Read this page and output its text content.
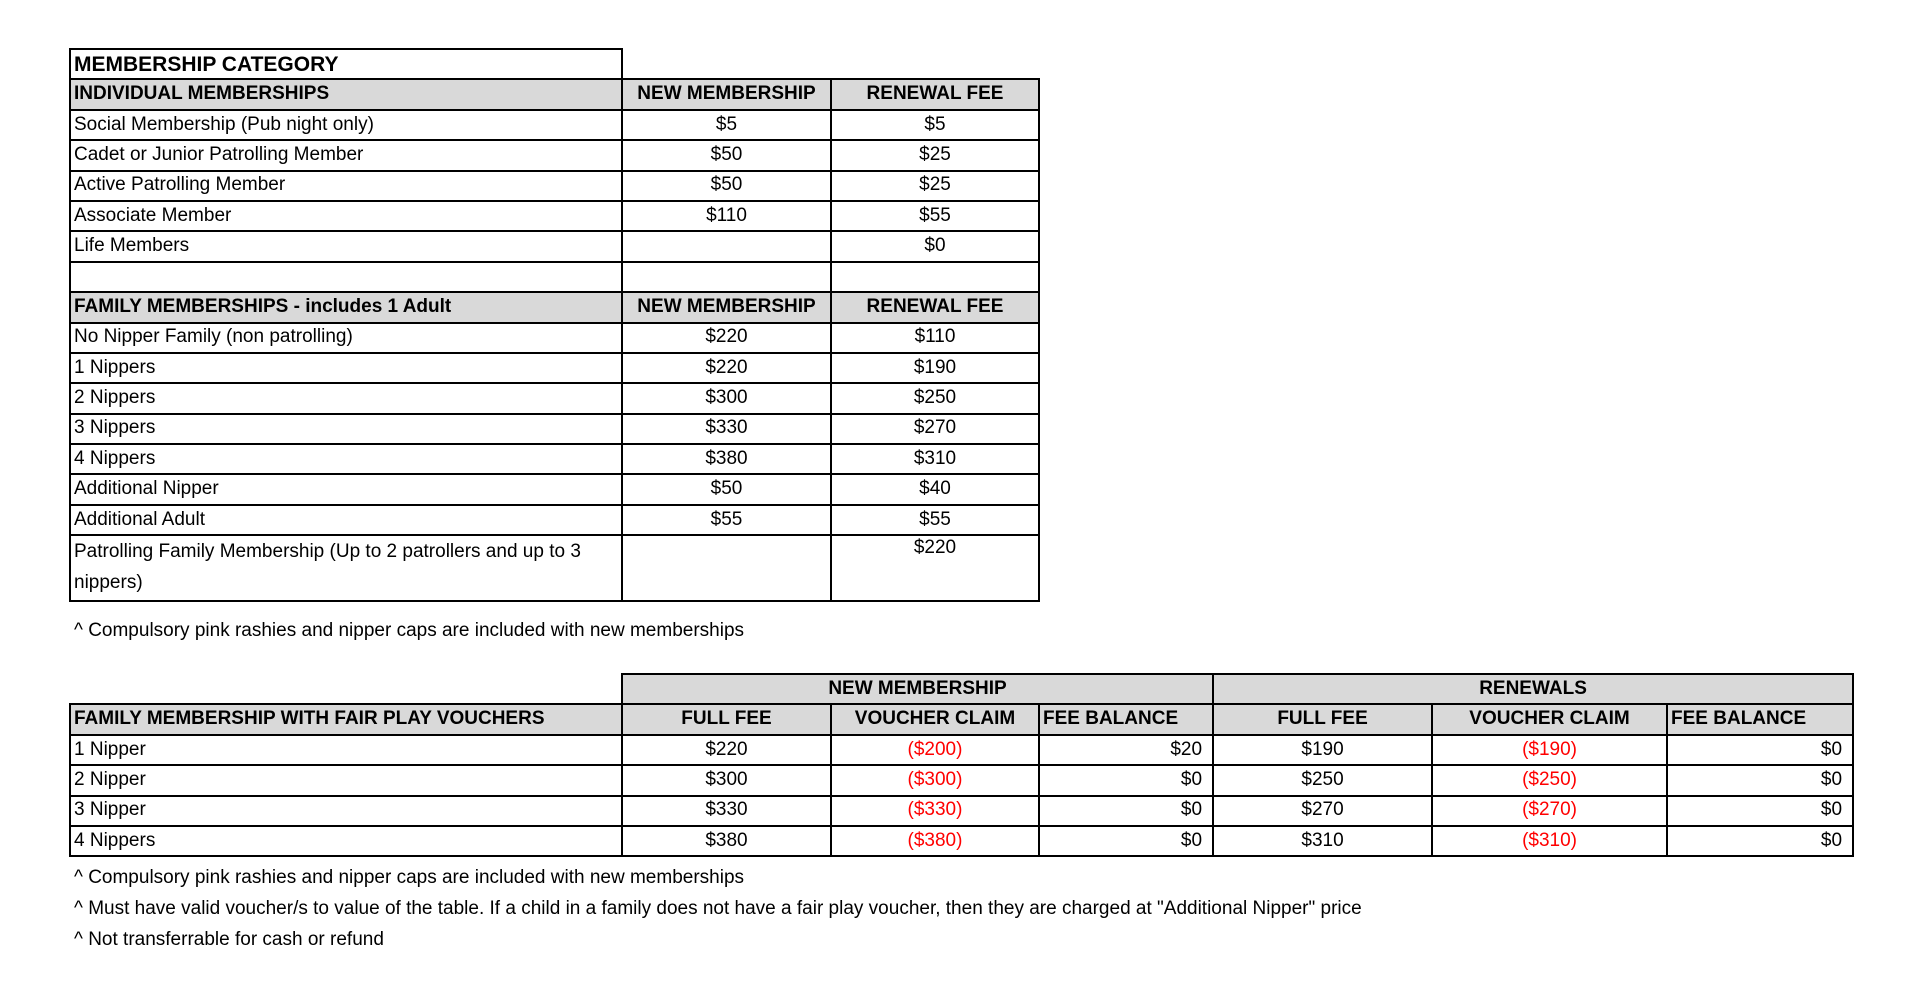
MEMBERSHIP CATEGORY		
INDIVIDUAL MEMBERSHIPS	NEW MEMBERSHIP	RENEWAL FEE
Social Membership (Pub night only)	$5	$5
Cadet or Junior Patrolling Member	$50	$25
Active Patrolling Member	$50	$25
Associate Member	$110	$55
Life Members		$0

FAMILY MEMBERSHIPS - includes 1 Adult	NEW MEMBERSHIP	RENEWAL FEE
No Nipper Family (non patrolling)	$220	$110
1 Nippers	$220	$190
2 Nippers	$300	$250
3 Nippers	$330	$270
4 Nippers	$380	$310
Additional Nipper	$50	$40
Additional Adult	$55	$55
Patrolling Family Membership (Up to 2 patrollers and up to 3 nippers)		$220
^ Compulsory pink rashies and nipper caps are included with new memberships
	NEW MEMBERSHIP			RENEWALS		
FAMILY MEMBERSHIP WITH FAIR PLAY VOUCHERS	FULL FEE	VOUCHER CLAIM	FEE BALANCE	FULL FEE	VOUCHER CLAIM	FEE BALANCE
1 Nipper	$220	($200)	$20	$190	($190)	$0
2 Nipper	$300	($300)	$0	$250	($250)	$0
3 Nipper	$330	($330)	$0	$270	($270)	$0
4 Nippers	$380	($380)	$0	$310	($310)	$0
^ Compulsory pink rashies and nipper caps are included with new memberships
^ Must have valid voucher/s to value of the table. If a child in a family does not have a fair play voucher, then they are charged at "Additional Nipper" price
^ Not transferrable for cash or refund
